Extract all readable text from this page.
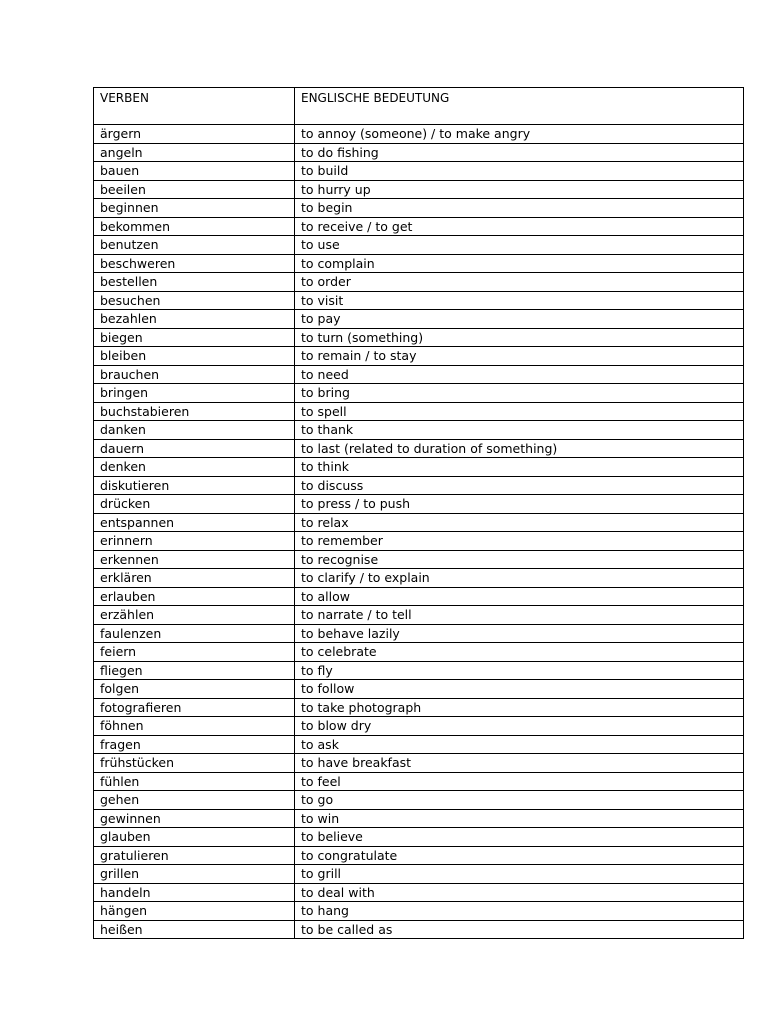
VERBEN	ENGLISCHE BEDEUTUNG
ärgern	to annoy (someone) / to make angry
angeln	to do fishing
bauen	to build
beeilen	to hurry up
beginnen	to begin
bekommen	to receive / to get
benutzen	to use
beschweren	to complain
bestellen	to order
besuchen	to visit
bezahlen	to pay
biegen	to turn (something)
bleiben	to remain / to stay
brauchen	to need
bringen	to bring
buchstabieren	to spell
danken	to thank
dauern	to last (related to duration of something)
denken	to think
diskutieren	to discuss
drücken	to press / to push
entspannen	to relax
erinnern	to remember
erkennen	to recognise
erklären	to clarify / to explain
erlauben	to allow
erzählen	to narrate / to tell
faulenzen	to behave lazily
feiern	to celebrate
fliegen	to fly
folgen	to follow
fotografieren	to take photograph
föhnen	to blow dry
fragen	to ask
frühstücken	to have breakfast
fühlen	to feel
gehen	to go
gewinnen	to win
glauben	to believe
gratulieren	to congratulate
grillen	to grill
handeln	to deal with
hängen	to hang
heißen	to be called as
